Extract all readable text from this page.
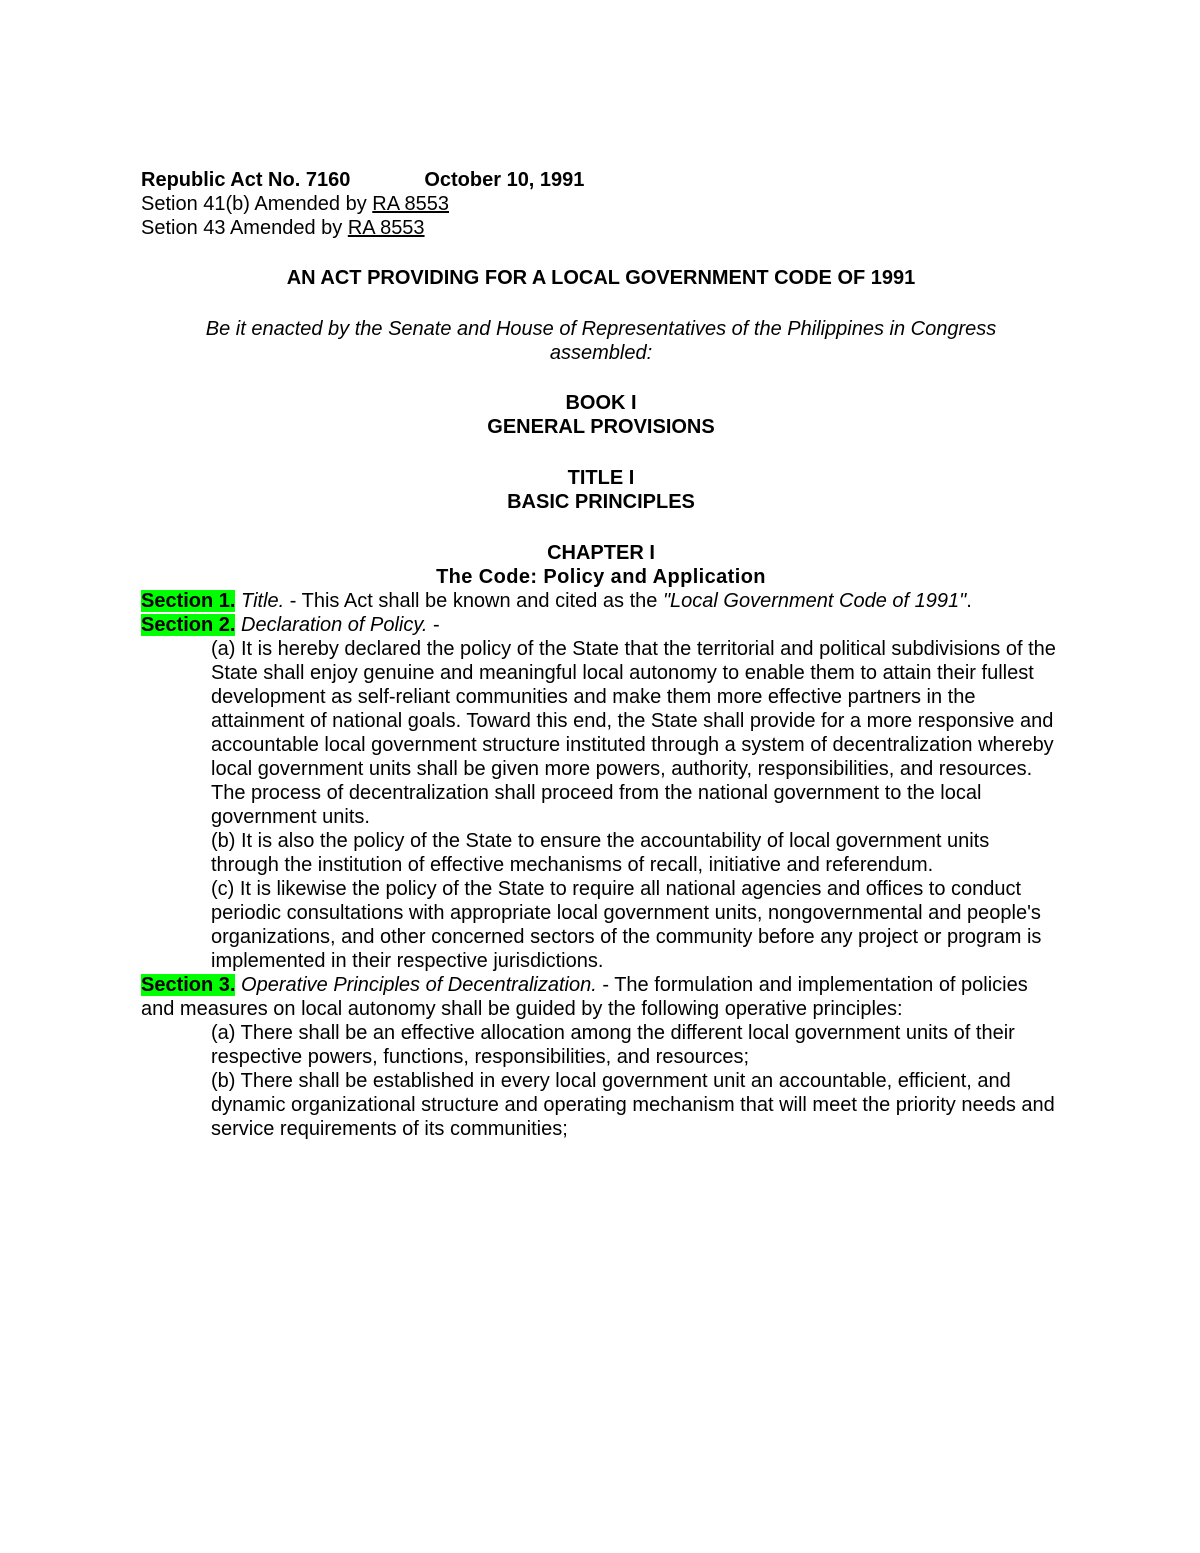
Republic Act No. 7160	October 10, 1991

Setion 41(b) Amended by RA 8553

Setion 43 Amended by RA 8553

AN ACT PROVIDING FOR A LOCAL GOVERNMENT CODE OF 1991

Be it enacted by the Senate and House of Representatives of the Philippines in Congress assembled:

BOOK I

GENERAL PROVISIONS

TITLE I

BASIC PRINCIPLES

CHAPTER I

The Code: Policy and Application

Section 1. Title. - This Act shall be known and cited as the "Local Government Code of 1991".

Section 2. Declaration of Policy. -

(a) It is hereby declared the policy of the State that the territorial and political subdivisions of the State shall enjoy genuine and meaningful local autonomy to enable them to attain their fullest development as self-reliant communities and make them more effective partners in the attainment of national goals. Toward this end, the State shall provide for a more responsive and accountable local government structure instituted through a system of decentralization whereby local government units shall be given more powers, authority, responsibilities, and resources. The process of decentralization shall proceed from the national government to the local government units.

(b) It is also the policy of the State to ensure the accountability of local government units through the institution of effective mechanisms of recall, initiative and referendum.

(c) It is likewise the policy of the State to require all national agencies and offices to conduct periodic consultations with appropriate local government units, nongovernmental and people's organizations, and other concerned sectors of the community before any project or program is implemented in their respective jurisdictions.

Section 3. Operative Principles of Decentralization. - The formulation and implementation of policies and measures on local autonomy shall be guided by the following operative principles:

(a) There shall be an effective allocation among the different local government units of their respective powers, functions, responsibilities, and resources;

(b) There shall be established in every local government unit an accountable, efficient, and dynamic organizational structure and operating mechanism that will meet the priority needs and service requirements of its communities;
